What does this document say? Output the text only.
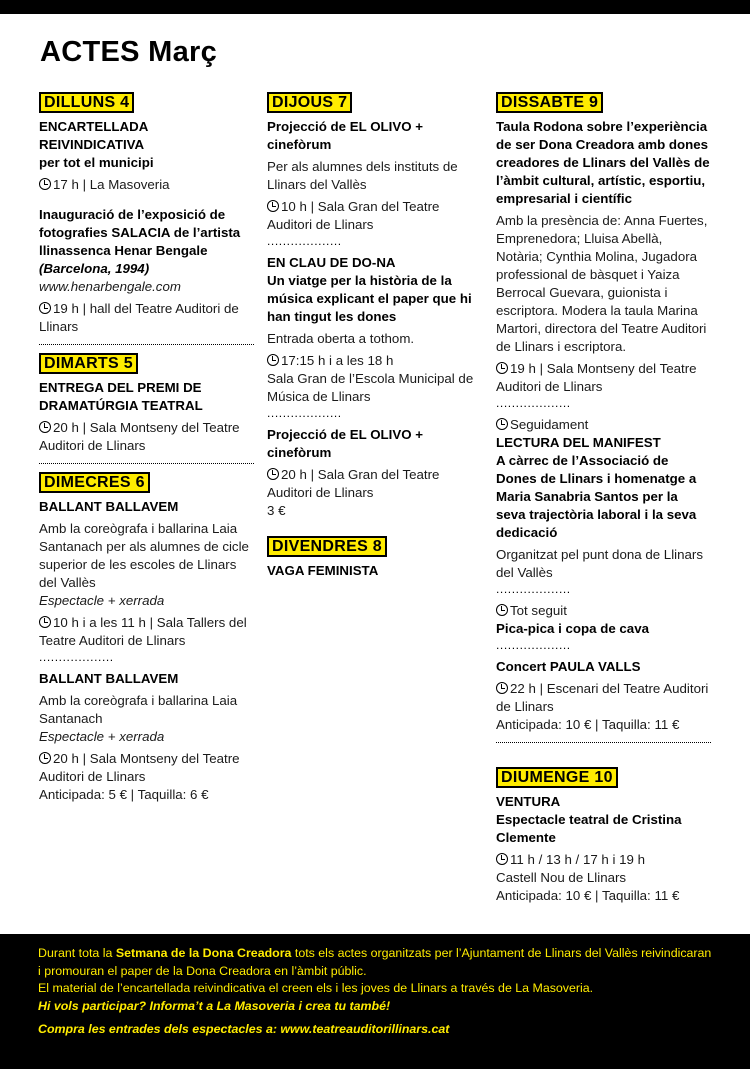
ACTES Març
DILLUNS 4
ENCARTELLADA REIVINDICATIVA
per tot el municipi
17 h | La Masoveria
Inauguració de l’exposició de fotografies SALACIA de l’artista llinassenca Henar Bengale (Barcelona, 1994)
www.henarbengale.com
19 h | hall del Teatre Auditori de Llinars
DIMARTS 5
ENTREGA DEL PREMI DE DRAMATÚRGIA TEATRAL
20 h | Sala Montseny del Teatre Auditori de Llinars
DIMECRES 6
BALLANT BALLAVEM
Amb la coreògrafa i ballarina Laia Santanach per als alumnes de cicle superior de les escoles de Llinars del Vallès
Espectacle + xerrada
10 h i a les 11 h | Sala Tallers del Teatre Auditori de Llinars
...................
BALLANT BALLAVEM
Amb la coreògrafa i ballarina Laia Santanach
Espectacle + xerrada
20 h | Sala Montseny del Teatre Auditori de Llinars
Anticipada: 5 € | Taquilla: 6 €
DIJOUS 7
Projecció de EL OLIVO + cinefòrum
Per als alumnes dels instituts de Llinars del Vallès
10 h | Sala Gran del Teatre Auditori de Llinars
...................
EN CLAU DE DO-NA
Un viatge per la història de la música explicant el paper que hi han tingut les dones
Entrada oberta a tothom.
17:15 h i a les 18 h
Sala Gran de l’Escola Municipal de Música de Llinars
...................
Projecció de EL OLIVO + cinefòrum
20 h | Sala Gran del Teatre Auditori de Llinars
3 €
DIVENDRES 8
VAGA FEMINISTA
DISSABTE 9
Taula Rodona sobre l’experiència de ser Dona Creadora amb dones creadores de Llinars del Vallès de l’àmbit cultural, artístic, esportiu, empresarial i científic
Amb la presència de: Anna Fuertes, Emprenedora; Lluisa Abellà, Notària; Cynthia Molina, Jugadora professional de bàsquet i Yaiza Berrocal Guevara, guionista i escriptora. Modera la taula Marina Martori, directora del Teatre Auditori de Llinars i escriptora.
19 h | Sala Montseny del Teatre Auditori de Llinars
...................
Seguidament
LECTURA DEL MANIFEST
A càrrec de l’Associació de Dones de Llinars i homenatge a Maria Sanabria Santos per la seva trajectòria laboral i la seva dedicació
Organitzat pel punt dona de Llinars del Vallès
...................
Tot seguit
Pica-pica i copa de cava
...................
Concert PAULA VALLS
22 h | Escenari del Teatre Auditori de Llinars
Anticipada: 10 € | Taquilla: 11 €
DIUMENGE 10
VENTURA
Espectacle teatral de Cristina Clemente
11 h / 13 h / 17 h i 19 h
Castell Nou de Llinars
Anticipada: 10 € | Taquilla: 11 €

Durant tota la Setmana de la Dona Creadora tots els actes organitzats per l’Ajuntament de Llinars del Vallès reivindicaran i promouran el paper de la Dona Creadora en l’àmbit públic.

El material de l’encartellada reivindicativa el creen els i les joves de Llinars a través de La Masoveria.

Hi vols participar? Informa’t a La Masoveria i crea tu també!

Compra les entrades dels espectacles a: www.teatreauditorillinars.cat
